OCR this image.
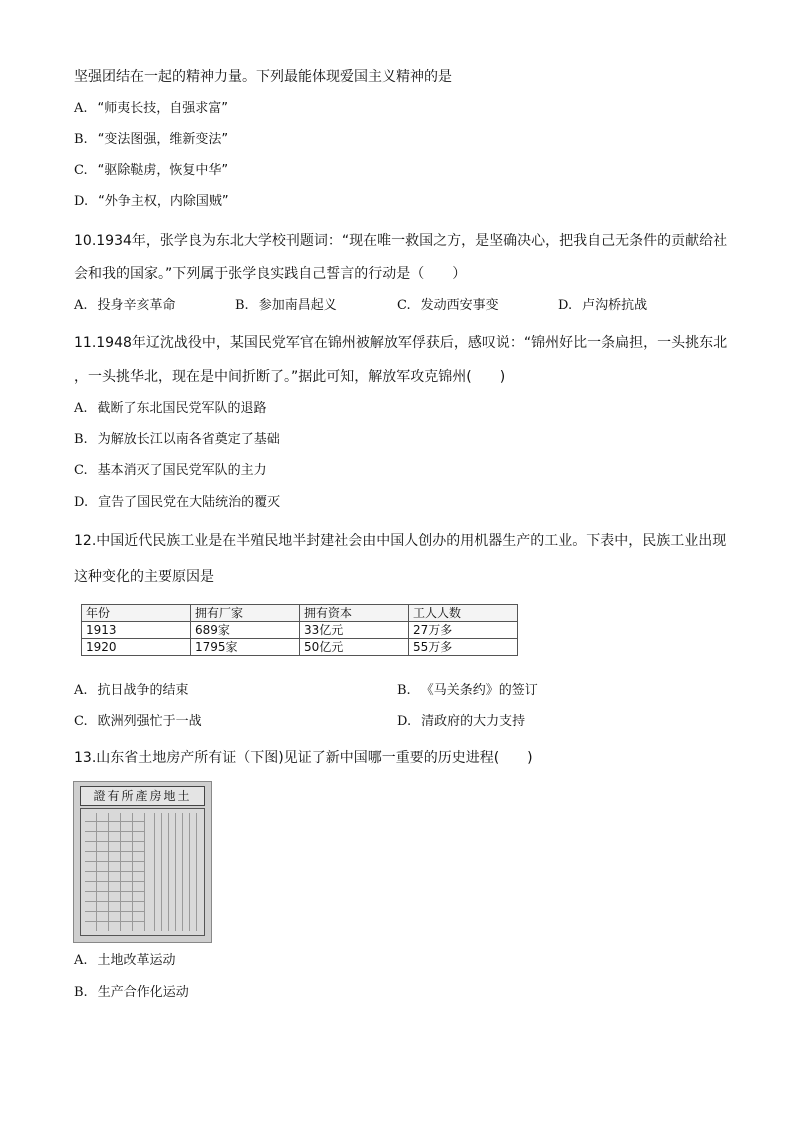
坚强团结在一起的精神力量。下列最能体现爱国主义精神的是
A. “师夷长技，自强求富”
B. “变法图强，维新变法”
C. “驱除鞑虏，恢复中华”
D. “外争主权，内除国贼”
10.1934年，张学良为东北大学校刊题词：“现在唯一救国之方，是坚确决心，把我自己无条件的贡献给社
会和我的国家。”下列属于张学良实践自己誓言的行动是（　　）
A. 投身辛亥革命	B. 参加南昌起义	C. 发动西安事变	D. 卢沟桥抗战
11.1948年辽沈战役中，某国民党军官在锦州被解放军俘获后，感叹说：“锦州好比一条扁担，一头挑东北
，一头挑华北，现在是中间折断了。”据此可知，解放军攻克锦州(　　)
A. 截断了东北国民党军队的退路
B. 为解放长江以南各省奠定了基础
C. 基本消灭了国民党军队的主力
D. 宣告了国民党在大陆统治的覆灭
12.中国近代民族工业是在半殖民地半封建社会由中国人创办的用机器生产的工业。下表中，民族工业出现
这种变化的主要原因是
年份	拥有厂家	拥有资本	工人人数
1913	689家	33亿元	27万多
1920	1795家	50亿元	55万多
A. 抗日战争的结束	B. 《马关条约》的签订
C. 欧洲列强忙于一战	D. 清政府的大力支持
13.山东省土地房产所有证（下图)见证了新中国哪一重要的历史进程(　　)
證有所產房地土
A. 土地改革运动
B. 生产合作化运动
